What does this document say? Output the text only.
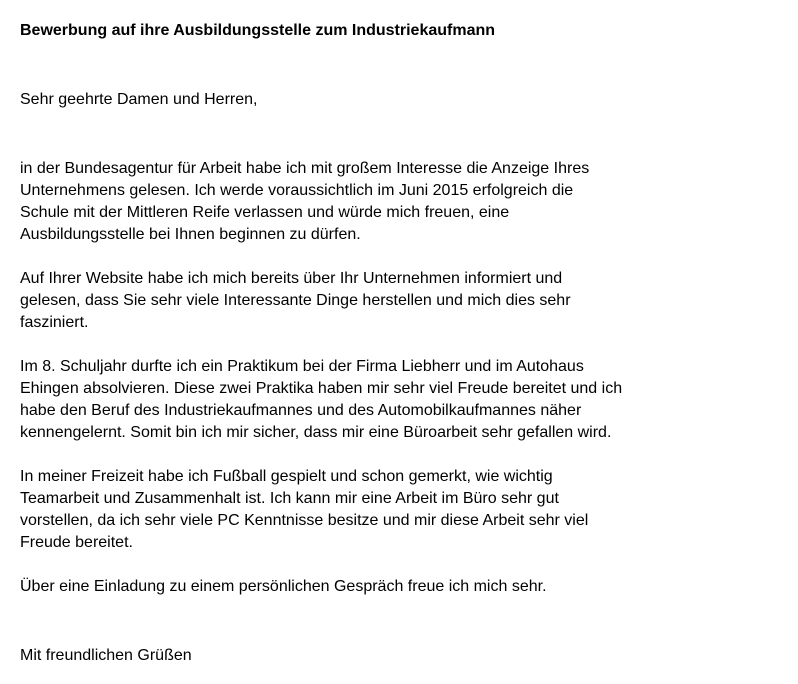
Bewerbung auf ihre Ausbildungsstelle zum Industriekaufmann

Sehr geehrte Damen und Herren,

in der Bundesagentur für Arbeit habe ich mit großem Interesse die Anzeige Ihres
Unternehmens gelesen. Ich werde voraussichtlich im Juni 2015 erfolgreich die
Schule mit der Mittleren Reife verlassen und würde mich freuen, eine
Ausbildungsstelle bei Ihnen beginnen zu dürfen.
Auf Ihrer Website habe ich mich bereits über Ihr Unternehmen informiert und
gelesen, dass Sie sehr viele Interessante Dinge herstellen und mich dies sehr
fasziniert.
Im 8. Schuljahr durfte ich ein Praktikum bei der Firma Liebherr und im Autohaus
Ehingen absolvieren. Diese zwei Praktika haben mir sehr viel Freude bereitet und ich
habe den Beruf des Industriekaufmannes und des Automobilkaufmannes näher
kennengelernt. Somit bin ich mir sicher, dass mir eine Büroarbeit sehr gefallen wird.
In meiner Freizeit habe ich Fußball gespielt und schon gemerkt, wie wichtig
Teamarbeit und Zusammenhalt ist. Ich kann mir eine Arbeit im Büro sehr gut
vorstellen, da ich sehr viele PC Kenntnisse besitze und mir diese Arbeit sehr viel
Freude bereitet.
Über eine Einladung zu einem persönlichen Gespräch freue ich mich sehr.

Mit freundlichen Grüßen
